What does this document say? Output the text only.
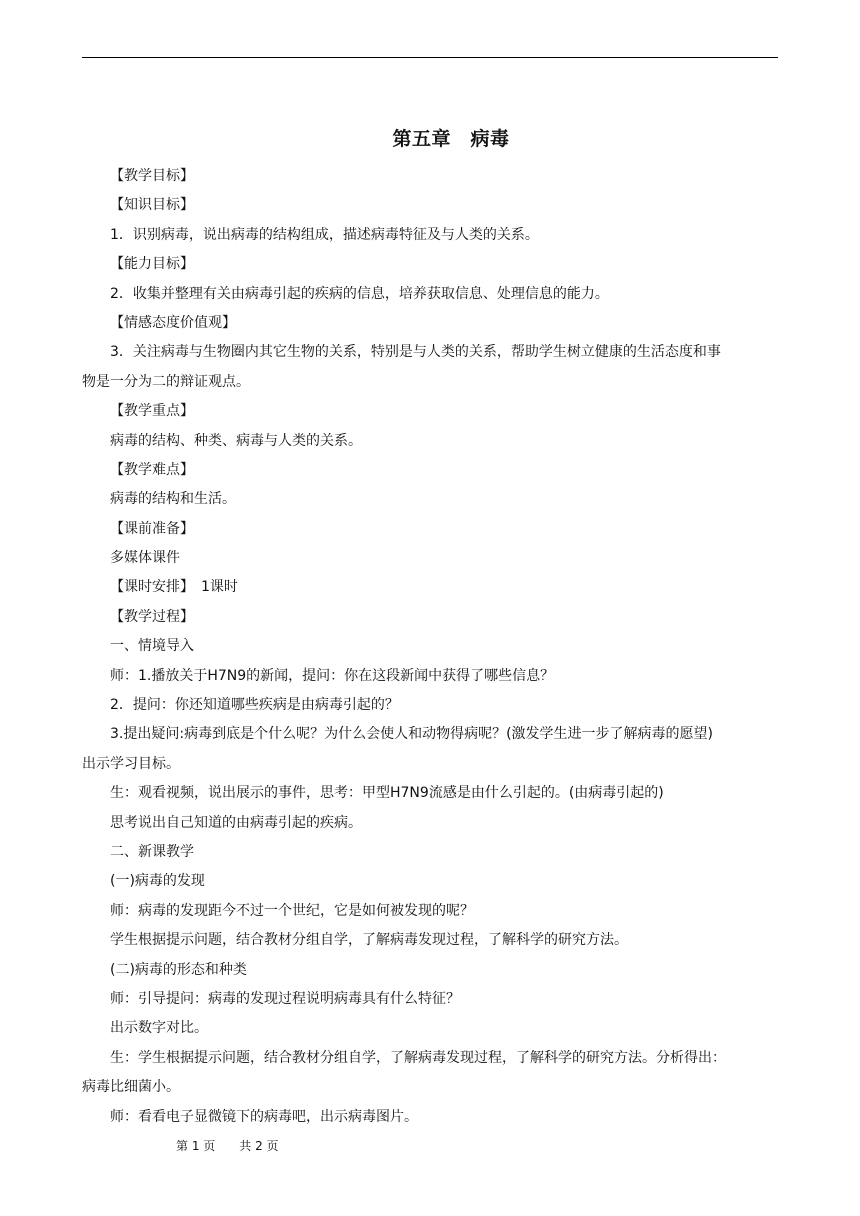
第五章　病毒
【教学目标】
【知识目标】
1．识别病毒，说出病毒的结构组成，描述病毒特征及与人类的关系。
【能力目标】
2．收集并整理有关由病毒引起的疾病的信息，培养获取信息、处理信息的能力。
【情感态度价值观】
3．关注病毒与生物圈内其它生物的关系，特别是与人类的关系，帮助学生树立健康的生活态度和事
物是一分为二的辩证观点。
【教学重点】
病毒的结构、种类、病毒与人类的关系。
【教学难点】
病毒的结构和生活。
【课前准备】
多媒体课件
【课时安排】　1课时
【教学过程】
一、情境导入
师：1.播放关于H7N9的新闻，提问：你在这段新闻中获得了哪些信息？
2．提问：你还知道哪些疾病是由病毒引起的？
3.提出疑问:病毒到底是个什么呢？为什么会使人和动物得病呢？(激发学生进一步了解病毒的愿望)
出示学习目标。
生：观看视频，说出展示的事件，思考：甲型H7N9流感是由什么引起的。(由病毒引起的)
思考说出自己知道的由病毒引起的疾病。
二、新课教学
(一)病毒的发现
师：病毒的发现距今不过一个世纪，它是如何被发现的呢？
学生根据提示问题，结合教材分组自学，了解病毒发现过程，了解科学的研究方法。
(二)病毒的形态和种类
师：引导提问：病毒的发现过程说明病毒具有什么特征？
出示数字对比。
生：学生根据提示问题，结合教材分组自学，了解病毒发现过程，了解科学的研究方法。分析得出：
病毒比细菌小。
师：看看电子显微镜下的病毒吧，出示病毒图片。
第 1 页　　共 2 页
